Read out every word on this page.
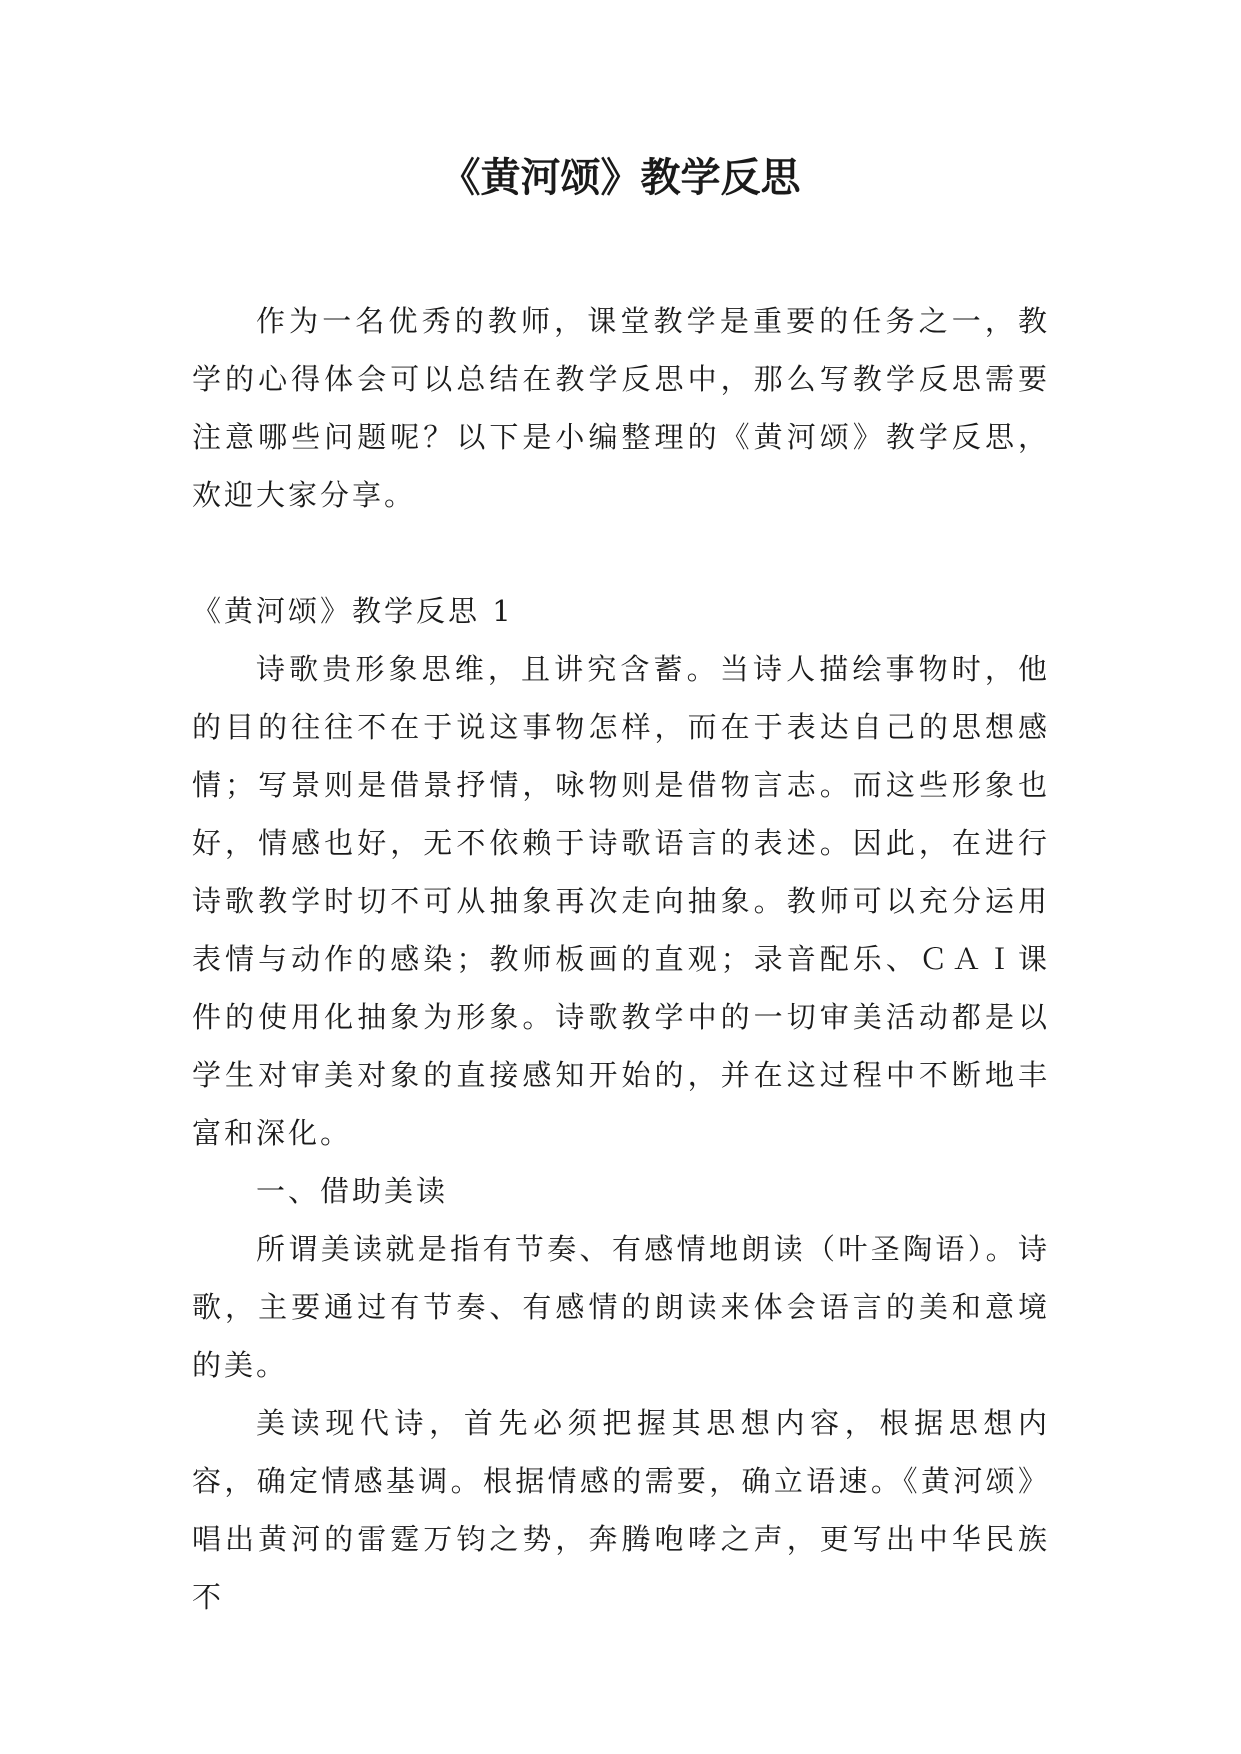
《黄河颂》教学反思

作为一名优秀的教师，课堂教学是重要的任务之一，教学的心得体会可以总结在教学反思中，那么写教学反思需要注意哪些问题呢？以下是小编整理的《黄河颂》教学反思，欢迎大家分享。

《黄河颂》教学反思 1

诗歌贵形象思维，且讲究含蓄。当诗人描绘事物时，他的目的往往不在于说这事物怎样，而在于表达自己的思想感情；写景则是借景抒情，咏物则是借物言志。而这些形象也好，情感也好，无不依赖于诗歌语言的表述。因此，在进行诗歌教学时切不可从抽象再次走向抽象。教师可以充分运用表情与动作的感染；教师板画的直观；录音配乐、ＣＡＩ课件的使用化抽象为形象。诗歌教学中的一切审美活动都是以学生对审美对象的直接感知开始的，并在这过程中不断地丰富和深化。

一、借助美读

所谓美读就是指有节奏、有感情地朗读（叶圣陶语）。诗歌，主要通过有节奏、有感情的朗读来体会语言的美和意境的美。

美读现代诗，首先必须把握其思想内容，根据思想内容，确定情感基调。根据情感的需要，确立语速。《黄河颂》唱出黄河的雷霆万钧之势，奔腾咆哮之声，更写出中华民族不
